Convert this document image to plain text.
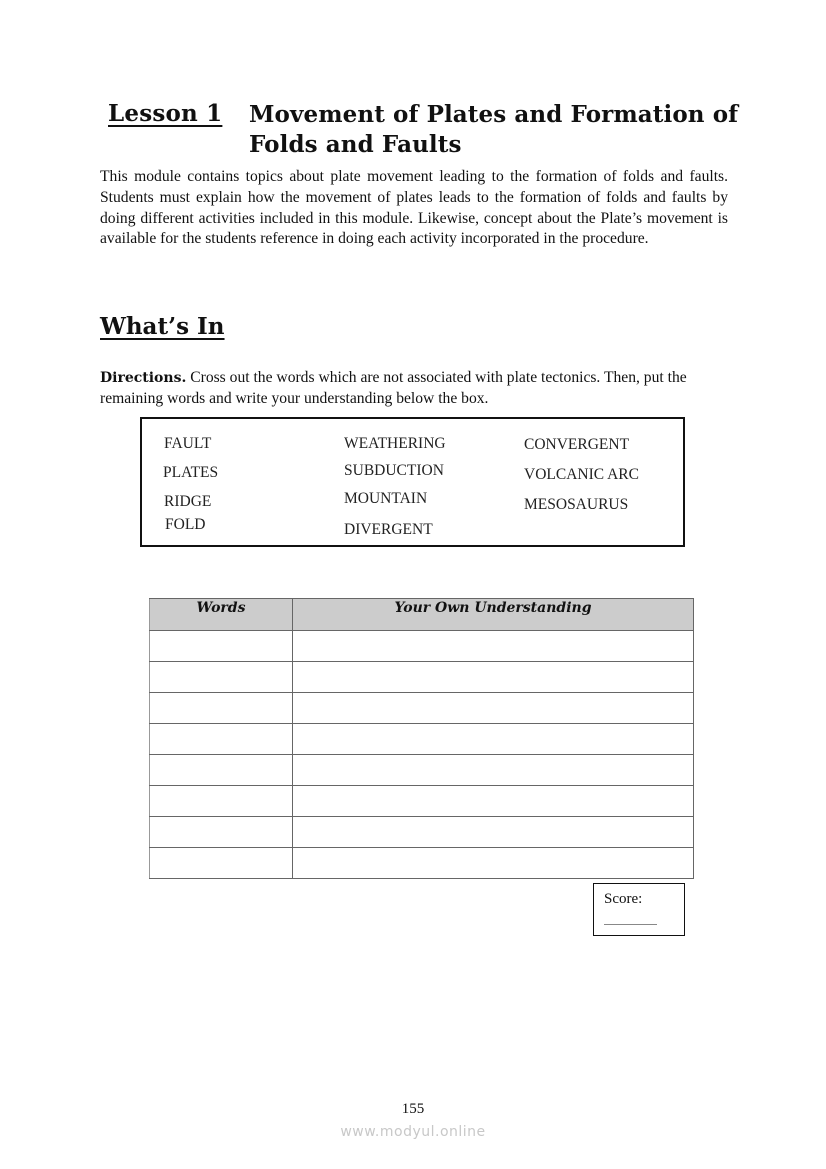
Lesson 1 Movement of Plates and Formation of Folds and Faults
This module contains topics about plate movement leading to the formation of folds and faults. Students must explain how the movement of plates leads to the formation of folds and faults by doing different activities included in this module. Likewise, concept about the Plate’s movement is available for the students reference in doing each activity incorporated in the procedure.
What’s In
Directions. Cross out the words which are not associated with plate tectonics. Then, put the remaining words and write your understanding below the box.
FAULT
PLATES
RIDGE
FOLD
WEATHERING
SUBDUCTION
MOUNTAIN
DIVERGENT
CONVERGENT
VOLCANIC ARC
MESOSAURUS
Words	Your Own Understanding

Score:
155
www.modyul.online
